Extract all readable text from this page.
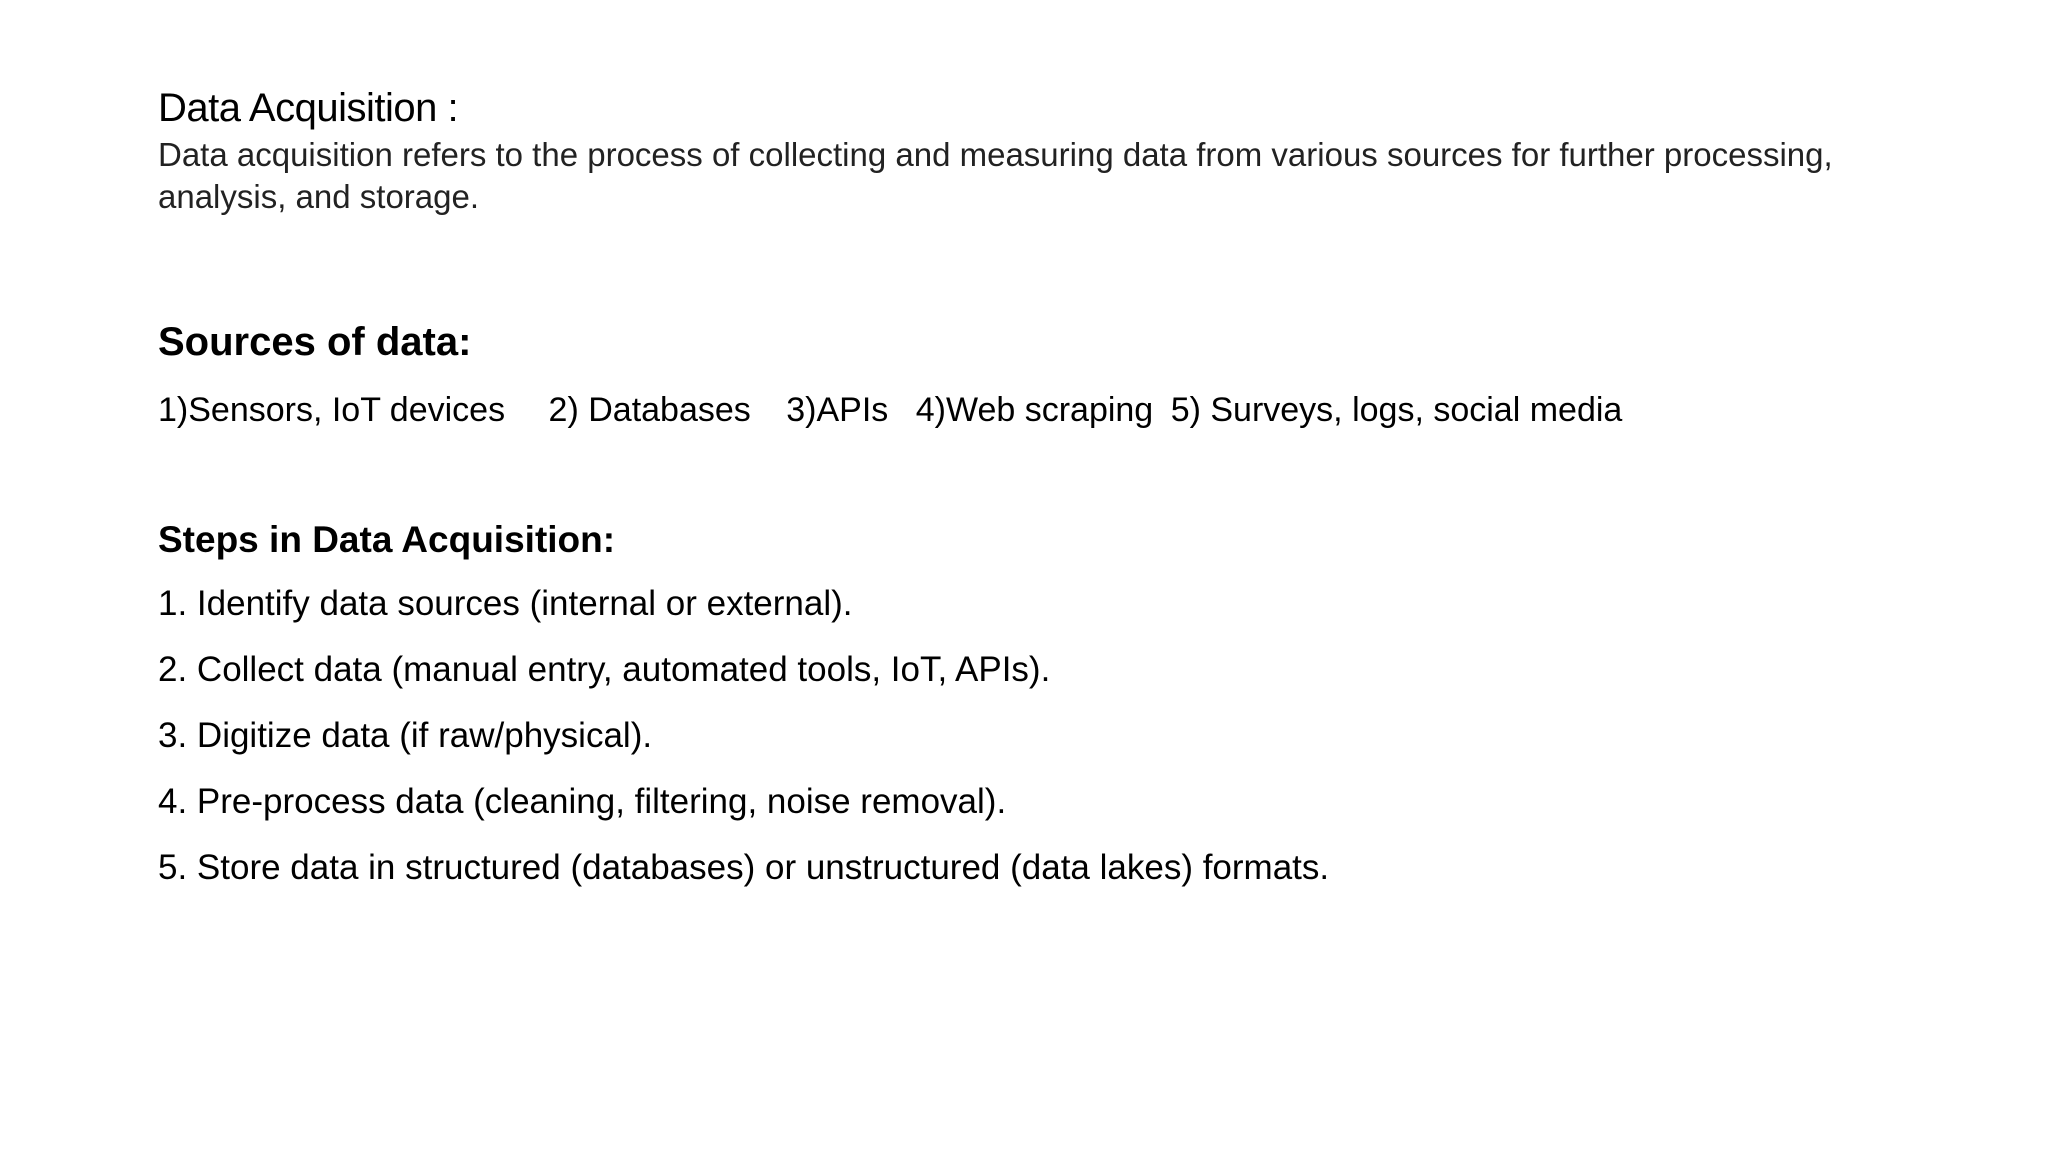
Data Acquisition :

Data acquisition refers to the process of collecting and measuring data from various sources for further processing, analysis, and storage.

Sources of data:

1)Sensors, IoT devices 2) Databases 3)APIs 4)Web scraping 5) Surveys, logs, social media

Steps in Data Acquisition:
1. Identify data sources (internal or external).
2. Collect data (manual entry, automated tools, IoT, APIs).
3. Digitize data (if raw/physical).
4. Pre-process data (cleaning, filtering, noise removal).
5. Store data in structured (databases) or unstructured (data lakes) formats.
